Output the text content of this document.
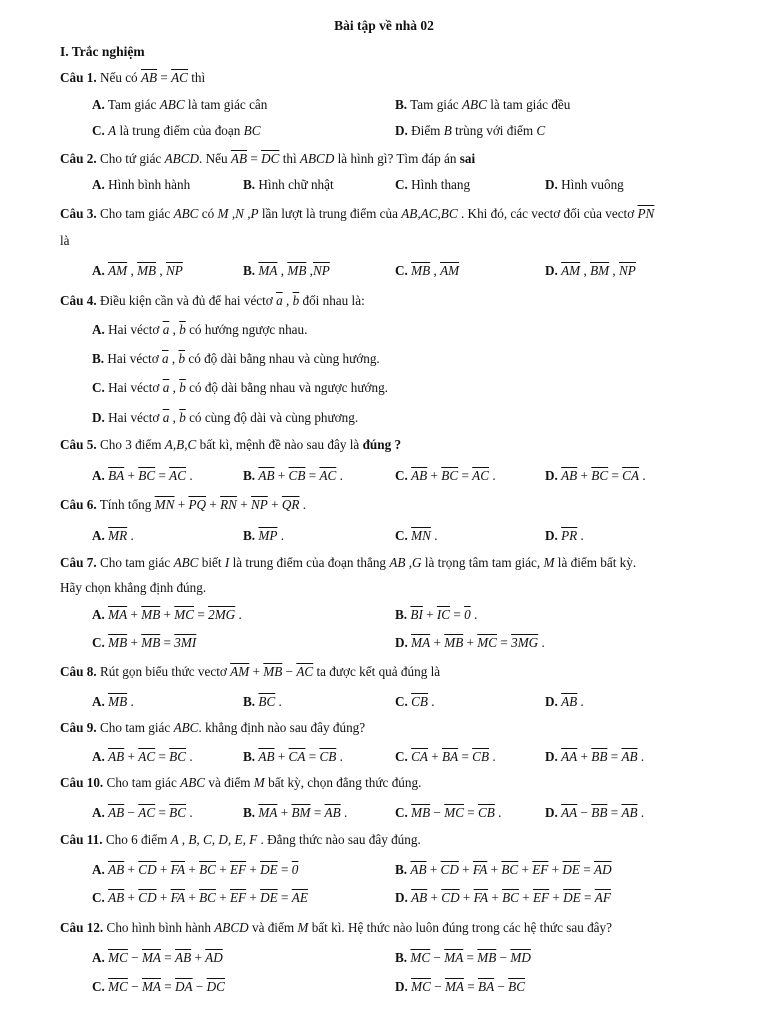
Bài tập về nhà 02
I. Trắc nghiệm
Câu 1. Nếu có $\overline{AB} = \overline{AC}$ thì
A. Tam giác ABC là tam giác cân	B. Tam giác ABC là tam giác đều
C. A là trung điểm của đoạn BC	D. Điểm B trùng với điểm C
Câu 2. Cho tứ giác ABCD. Nếu $\overline{AB} = \overline{DC}$ thì ABCD là hình gì? Tìm đáp án sai
A. Hình bình hành	B. Hình chữ nhật	C. Hình thang	D. Hình vuông
Câu 3. Cho tam giác ABC có M ,N ,P lần lượt là trung điểm của AB,AC,BC . Khi đó, các vectơ đối của vectơ $\overline{PN}$
là
A. $\overline{AM}$ , $\overline{MB}$ , $\overline{NP}$	B. $\overline{MA}$ , $\overline{MB}$ $,\overline{NP}$	C. $\overline{MB}$ , $\overline{AM}$	D. $\overline{AM}$ , $\overline{BM}$ , $\overline{NP}$
Câu 4. Điều kiện cần và đủ để hai véctơ $\overline{a}$ , $\overline{b}$ đối nhau là:
A. Hai véctơ $\overline{a}$ , $\overline{b}$ có hướng ngược nhau.
B. Hai véctơ $\overline{a}$ , $\overline{b}$ có độ dài bằng nhau và cùng hướng.
C. Hai véctơ $\overline{a}$ , $\overline{b}$ có độ dài bằng nhau và ngược hướng.
D. Hai véctơ $\overline{a}$ , $\overline{b}$ có cùng độ dài và cùng phương.
Câu 5. Cho 3 điểm A,B,C bất kì, mệnh đề nào sau đây là đúng ?
A. $\overline{BA} + \overline{BC} = \overline{AC}$ .	B. $\overline{AB} + \overline{CB} = \overline{AC}$ .	C. $\overline{AB} + \overline{BC} = \overline{AC}$ .	D. $\overline{AB} + \overline{BC} = \overline{CA}$ .
Câu 6. Tính tổng $\overline{MN} + \overline{PQ} + \overline{RN} + \overline{NP} + \overline{QR}$ .
A. $\overline{MR}$ .	B. $\overline{MP}$ .	C. $\overline{MN}$ .	D. $\overline{PR}$ .
Câu 7. Cho tam giác ABC biết I là trung điểm của đoạn thẳng AB ,G là trọng tâm tam giác, M là điểm bất kỳ.
Hãy chọn khẳng định đúng.
A. $\overline{MA} + \overline{MB} + \overline{MC} = 2MG$ .	B. $\overline{BI} + \overline{IC} = 0$ .
C. $\overline{MB} + \overline{MB} = 3MI$	D. $\overline{MA} + \overline{MB} + \overline{MC} = 3MG$ .
Câu 8. Rút gọn biểu thức vectơ $\overline{AM} + \overline{MB} - \overline{AC}$ ta được kết quả đúng là
A. $\overline{MB}$ .	B. $\overline{BC}$ .	C. $\overline{CB}$ .	D. $\overline{AB}$ .
Câu 9. Cho tam giác ABC. khẳng định nào sau đây đúng?
A. $\overline{AB} + \overline{AC} = \overline{BC}$ .	B. $\overline{AB} + \overline{CA} = \overline{CB}$ .	C. $\overline{CA} + \overline{BA} = \overline{CB}$ .	D. $\overline{AA} + \overline{BB} = \overline{AB}$ .
Câu 10. Cho tam giác ABC và điểm M bất kỳ, chọn đẳng thức đúng.
A. $\overline{AB} - \overline{AC} = \overline{BC}$ .	B. $\overline{MA} + \overline{BM} = \overline{AB}$ .	C. $\overline{MB} - \overline{MC} = \overline{CB}$ .	D. $\overline{AA} - \overline{BB} = \overline{AB}$ .
Câu 11. Cho 6 điểm A , B, C, D, E, F . Đẳng thức nào sau đây đúng.
A. $\overline{AB} + \overline{CD} + \overline{FA} + \overline{BC} + \overline{EF} + \overline{DE} = 0$	B. $\overline{AB} + \overline{CD} + \overline{FA} + \overline{BC} + \overline{EF} + \overline{DE} = \overline{AD}$
C. $\overline{AB} + \overline{CD} + \overline{FA} + \overline{BC} + \overline{EF} + \overline{DE} = \overline{AE}$	D. $\overline{AB} + \overline{CD} + \overline{FA} + \overline{BC} + \overline{EF} + \overline{DE} = \overline{AF}$
Câu 12. Cho hình bình hành ABCD và điểm M bất kì. Hệ thức nào luôn đúng trong các hệ thức sau đây?
A. $\overline{MC} - \overline{MA} = \overline{AB} + \overline{AD}$	B. $\overline{MC} - \overline{MA} = \overline{MB} - \overline{MD}$
C. $\overline{MC} - \overline{MA} = \overline{DA} - \overline{DC}$	D. $\overline{MC} - \overline{MA} = \overline{BA} - \overline{BC}$
